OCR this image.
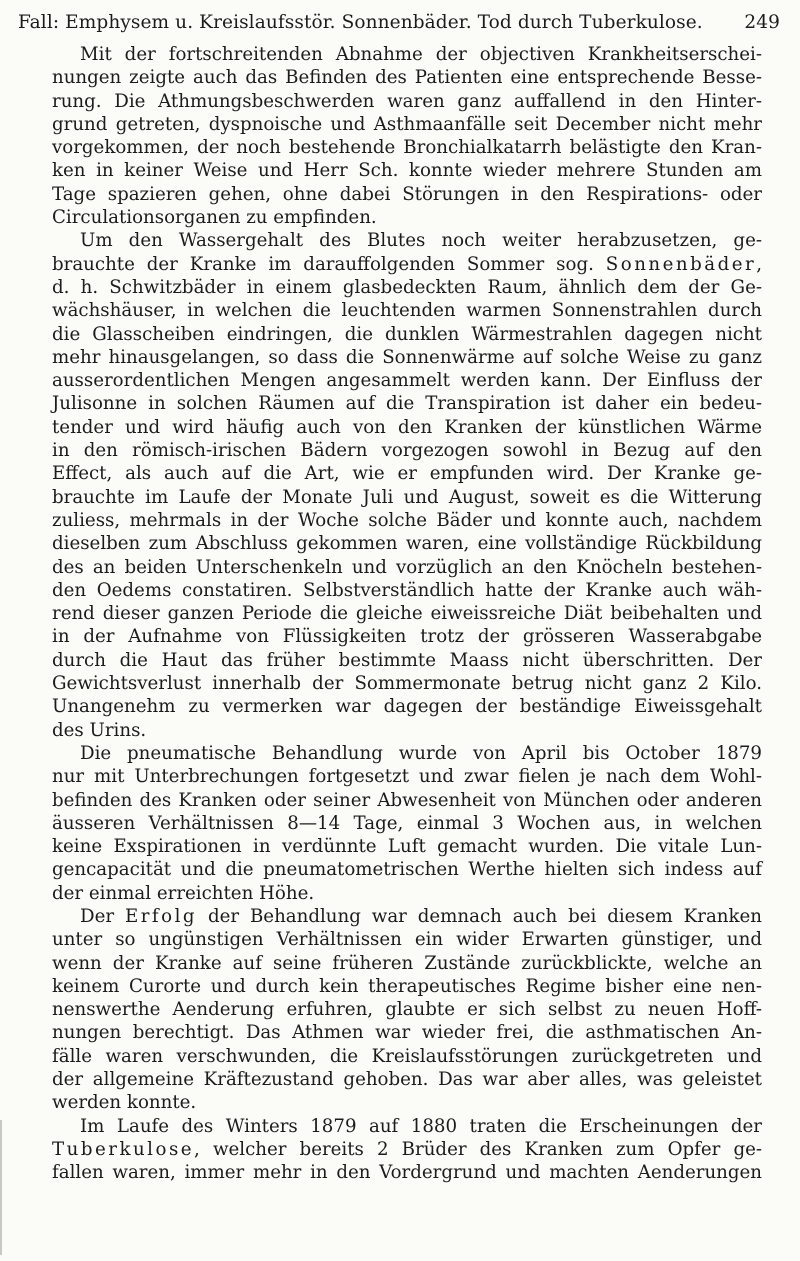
Fall: Emphysem u. Kreislaufsstör. Sonnenbäder. Tod durch Tuberkulose. 249
Mit der fortschreitenden Abnahme der objectiven Krankheitserschei-
nungen zeigte auch das Befinden des Patienten eine entsprechende Besse-
rung. Die Athmungsbeschwerden waren ganz auffallend in den Hinter-
grund getreten, dyspnoische und Asthmaanfälle seit December nicht mehr
vorgekommen, der noch bestehende Bronchialkatarrh belästigte den Kran-
ken in keiner Weise und Herr Sch. konnte wieder mehrere Stunden am
Tage spazieren gehen, ohne dabei Störungen in den Respirations- oder
Circulationsorganen zu empfinden.
Um den Wassergehalt des Blutes noch weiter herabzusetzen, ge-
brauchte der Kranke im darauffolgenden Sommer sog. Sonnenbäder,
d. h. Schwitzbäder in einem glasbedeckten Raum, ähnlich dem der Ge-
wächshäuser, in welchen die leuchtenden warmen Sonnenstrahlen durch
die Glasscheiben eindringen, die dunklen Wärmestrahlen dagegen nicht
mehr hinausgelangen, so dass die Sonnenwärme auf solche Weise zu ganz
ausserordentlichen Mengen angesammelt werden kann. Der Einfluss der
Julisonne in solchen Räumen auf die Transpiration ist daher ein bedeu-
tender und wird häufig auch von den Kranken der künstlichen Wärme
in den römisch-irischen Bädern vorgezogen sowohl in Bezug auf den
Effect, als auch auf die Art, wie er empfunden wird. Der Kranke ge-
brauchte im Laufe der Monate Juli und August, soweit es die Witterung
zuliess, mehrmals in der Woche solche Bäder und konnte auch, nachdem
dieselben zum Abschluss gekommen waren, eine vollständige Rückbildung
des an beiden Unterschenkeln und vorzüglich an den Knöcheln bestehen-
den Oedems constatiren. Selbstverständlich hatte der Kranke auch wäh-
rend dieser ganzen Periode die gleiche eiweissreiche Diät beibehalten und
in der Aufnahme von Flüssigkeiten trotz der grösseren Wasserabgabe
durch die Haut das früher bestimmte Maass nicht überschritten. Der
Gewichtsverlust innerhalb der Sommermonate betrug nicht ganz 2 Kilo.
Unangenehm zu vermerken war dagegen der beständige Eiweissgehalt
des Urins.
Die pneumatische Behandlung wurde von April bis October 1879
nur mit Unterbrechungen fortgesetzt und zwar fielen je nach dem Wohl-
befinden des Kranken oder seiner Abwesenheit von München oder anderen
äusseren Verhältnissen 8—14 Tage, einmal 3 Wochen aus, in welchen
keine Exspirationen in verdünnte Luft gemacht wurden. Die vitale Lun-
gencapacität und die pneumatometrischen Werthe hielten sich indess auf
der einmal erreichten Höhe.
Der Erfolg der Behandlung war demnach auch bei diesem Kranken
unter so ungünstigen Verhältnissen ein wider Erwarten günstiger, und
wenn der Kranke auf seine früheren Zustände zurückblickte, welche an
keinem Curorte und durch kein therapeutisches Regime bisher eine nen-
nenswerthe Aenderung erfuhren, glaubte er sich selbst zu neuen Hoff-
nungen berechtigt. Das Athmen war wieder frei, die asthmatischen An-
fälle waren verschwunden, die Kreislaufsstörungen zurückgetreten und
der allgemeine Kräftezustand gehoben. Das war aber alles, was geleistet
werden konnte.
Im Laufe des Winters 1879 auf 1880 traten die Erscheinungen der
Tuberkulose, welcher bereits 2 Brüder des Kranken zum Opfer ge-
fallen waren, immer mehr in den Vordergrund und machten Aenderungen
